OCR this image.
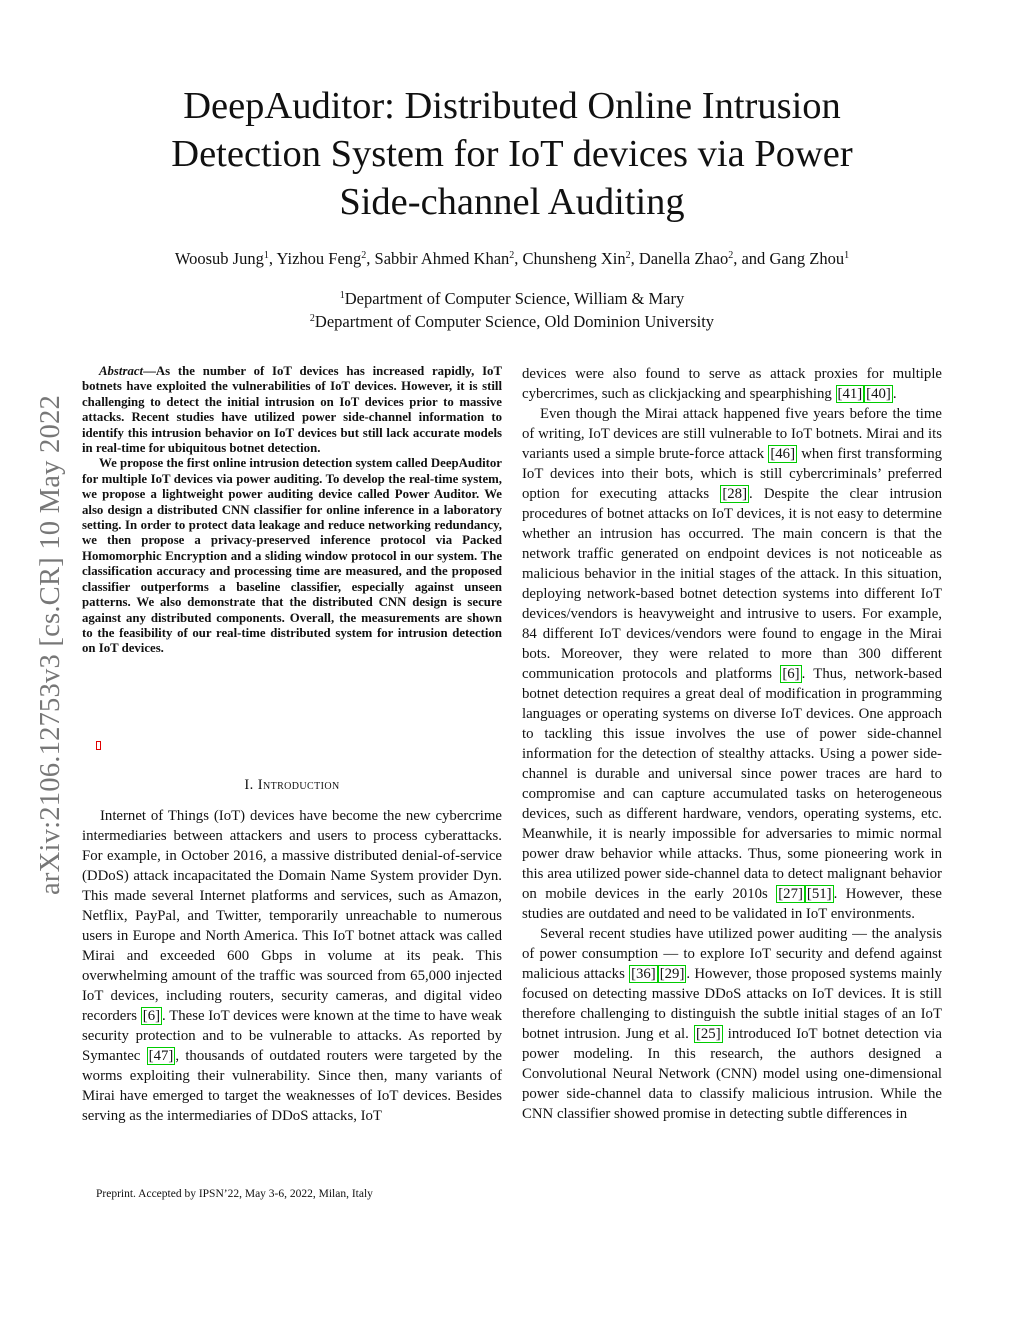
arXiv:2106.12753v3 [cs.CR] 10 May 2022
DeepAuditor: Distributed Online Intrusion
Detection System for IoT devices via Power
Side-channel Auditing
Woosub Jung$^1$, Yizhou Feng$^2$, Sabbir Ahmed Khan$^2$, Chunsheng Xin$^2$, Danella Zhao$^2$, and Gang Zhou$^1$
$^1$Department of Computer Science, William & Mary
$^2$Department of Computer Science, Old Dominion University

Abstract—As the number of IoT devices has increased rapidly, IoT botnets have exploited the vulnerabilities of IoT devices. However, it is still challenging to detect the initial intrusion on IoT devices prior to massive attacks. Recent studies have utilized power side-channel information to identify this intrusion behavior on IoT devices but still lack accurate models in real-time for ubiquitous botnet detection.

We propose the first online intrusion detection system called DeepAuditor for multiple IoT devices via power auditing. To develop the real-time system, we propose a lightweight power auditing device called Power Auditor. We also design a distributed CNN classifier for online inference in a laboratory setting. In order to protect data leakage and reduce networking redundancy, we then propose a privacy-preserved inference protocol via Packed Homomorphic Encryption and a sliding window protocol in our system. The classification accuracy and processing time are measured, and the proposed classifier outperforms a baseline classifier, especially against unseen patterns. We also demonstrate that the distributed CNN design is secure against any distributed components. Overall, the measurements are shown to the feasibility of our real-time distributed system for intrusion detection on IoT devices.

I. Introduction

Internet of Things (IoT) devices have become the new cybercrime intermediaries between attackers and users to process cyberattacks. For example, in October 2016, a massive distributed denial-of-service (DDoS) attack incapacitated the Domain Name System provider Dyn. This made several Internet platforms and services, such as Amazon, Netflix, PayPal, and Twitter, temporarily unreachable to numerous users in Europe and North America. This IoT botnet attack was called Mirai and exceeded 600 Gbps in volume at its peak. This overwhelming amount of the traffic was sourced from 65,000 injected IoT devices, including routers, security cameras, and digital video recorders [6] . These IoT devices were known at the time to have weak security protection and to be vulnerable to attacks. As reported by Symantec [47] , thousands of outdated routers were targeted by the worms exploiting their vulnerability. Since then, many variants of Mirai have emerged to target the weaknesses of IoT devices. Besides serving as the intermediaries of DDoS attacks, IoT

devices were also found to serve as attack proxies for multiple cybercrimes, such as clickjacking and spearphishing [41] [40] .

Even though the Mirai attack happened five years before the time of writing, IoT devices are still vulnerable to IoT botnets. Mirai and its variants used a simple brute-force attack [46] when first transforming IoT devices into their bots, which is still cybercriminals’ preferred option for executing attacks [28] . Despite the clear intrusion procedures of botnet attacks on IoT devices, it is not easy to determine whether an intrusion has occurred. The main concern is that the network traffic generated on endpoint devices is not noticeable as malicious behavior in the initial stages of the attack. In this situation, deploying network-based botnet detection systems into different IoT devices/vendors is heavyweight and intrusive to users. For example, 84 different IoT devices/vendors were found to engage in the Mirai bots. Moreover, they were related to more than 300 different communication protocols and platforms [6] . Thus, network-based botnet detection requires a great deal of modification in programming languages or operating systems on diverse IoT devices. One approach to tackling this issue involves the use of power side-channel information for the detection of stealthy attacks. Using a power side-channel is durable and universal since power traces are hard to compromise and can capture accumulated tasks on heterogeneous devices, such as different hardware, vendors, operating systems, etc. Meanwhile, it is nearly impossible for adversaries to mimic normal power draw behavior while attacks. Thus, some pioneering work in this area utilized power side-channel data to detect malignant behavior on mobile devices in the early 2010s [27] [51] . However, these studies are outdated and need to be validated in IoT environments.

Several recent studies have utilized power auditing — the analysis of power consumption — to explore IoT security and defend against malicious attacks [36] [29] . However, those proposed systems mainly focused on detecting massive DDoS attacks on IoT devices. It is still therefore challenging to distinguish the subtle initial stages of an IoT botnet intrusion. Jung et al. [25] introduced IoT botnet detection via power modeling. In this research, the authors designed a Convolutional Neural Network (CNN) model using one-dimensional power side-channel data to classify malicious intrusion. While the CNN classifier showed promise in detecting subtle differences in

Preprint. Accepted by IPSN’22, May 3-6, 2022, Milan, Italy
